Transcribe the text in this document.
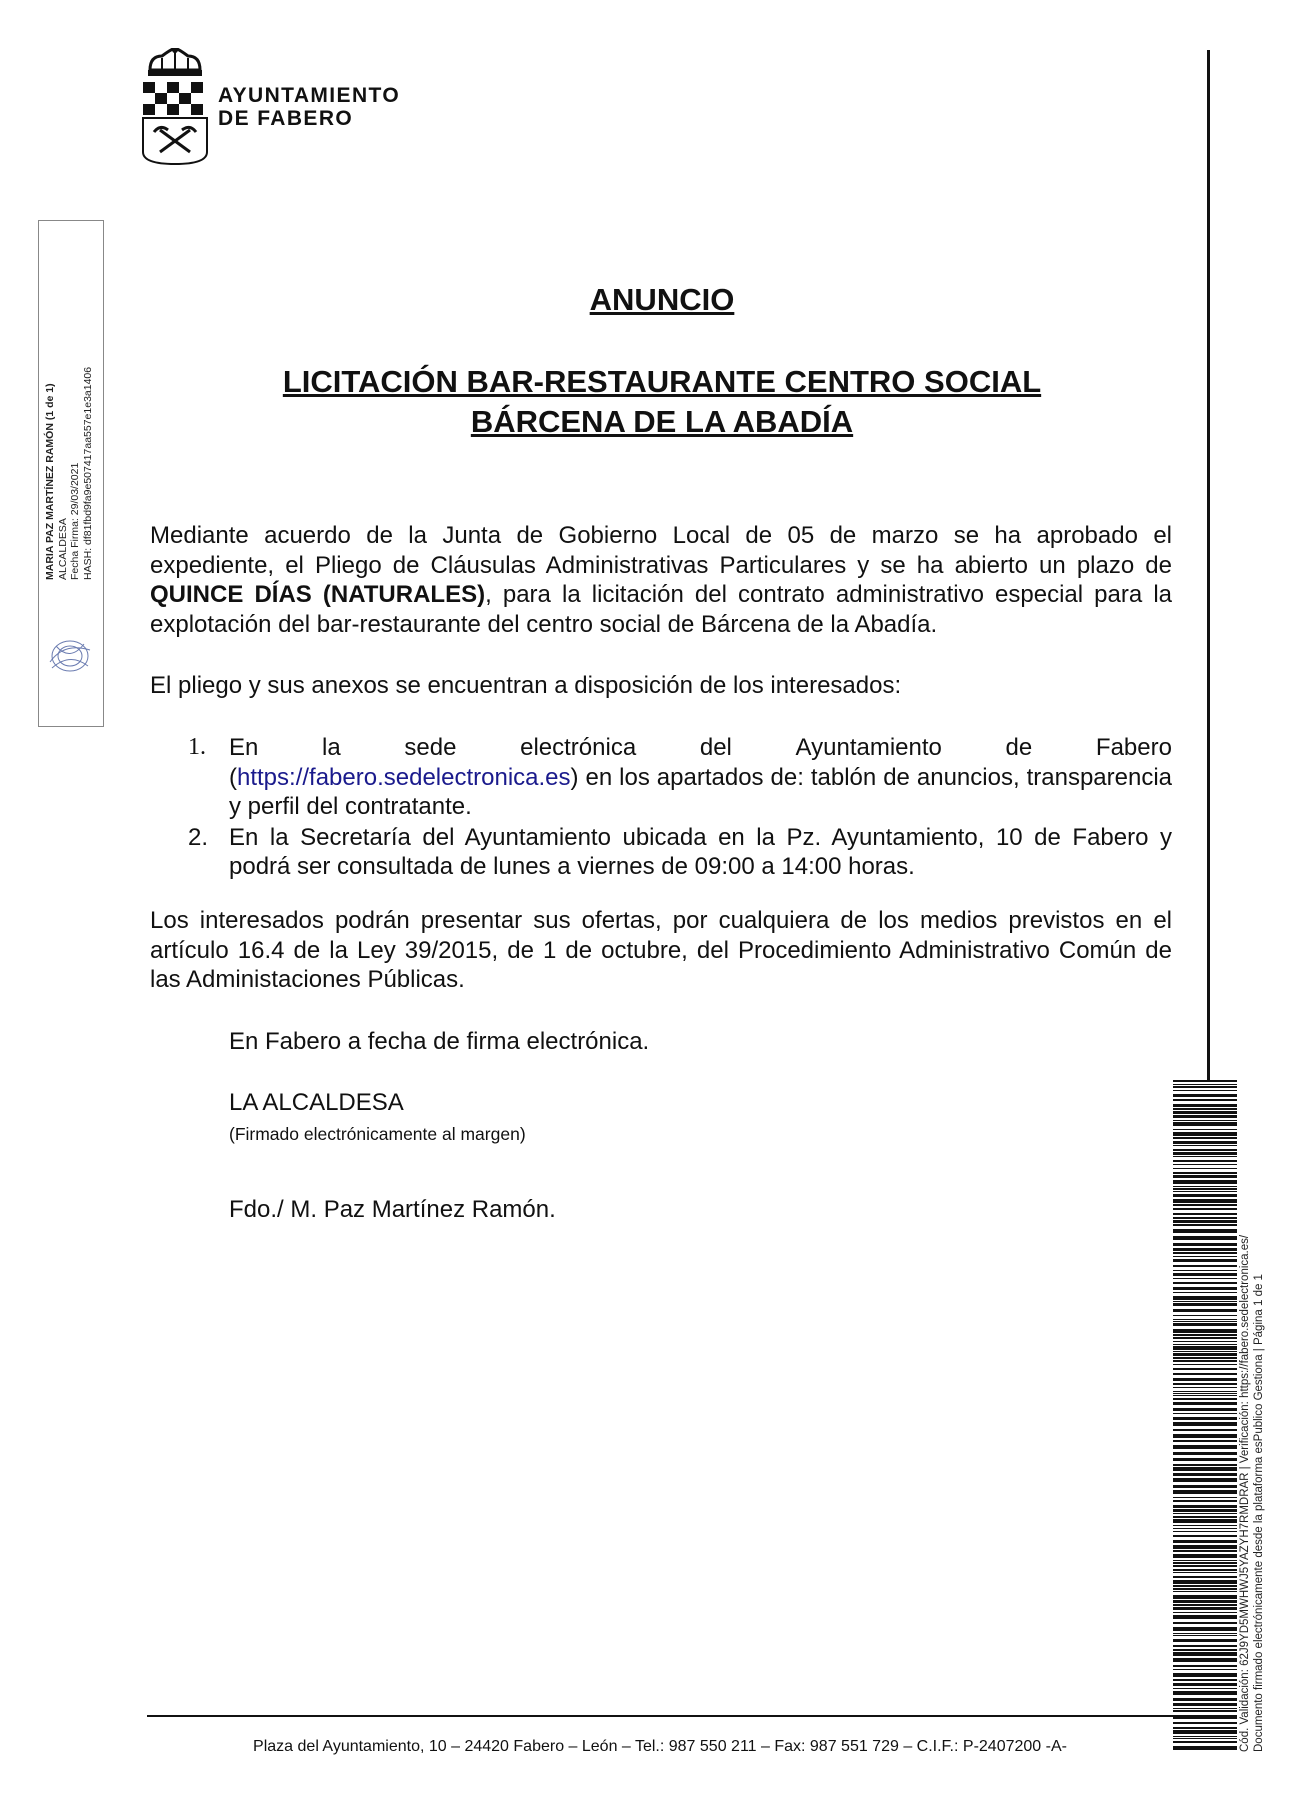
AYUNTAMIENTO
DE FABERO
MARIA PAZ MARTÍNEZ RAMÓN (1 de 1) ALCALDESA Fecha Firma: 29/03/2021 HASH: df81fbd9fa9e507417aa557e1e3a1406
Cód. Validación: 62J9YD5MWHWJ5YAZYH7RMDRAR | Verificación: https://fabero.sedelectronica.es/ Documento firmado electrónicamente desde la plataforma esPublico Gestiona | Página 1 de 1
ANUNCIO
LICITACIÓN BAR-RESTAURANTE CENTRO SOCIAL
BÁRCENA DE LA ABADÍA
Mediante acuerdo de la Junta de Gobierno Local de 05 de marzo se ha aprobado el expediente, el Pliego de Cláusulas Administrativas Particulares y se ha abierto un plazo de QUINCE DÍAS (NATURALES), para la licitación del contrato administrativo especial para la explotación del bar-restaurante del centro social de Bárcena de la Abadía.
El pliego y sus anexos se encuentran a disposición de los interesados:
1. En	la	sede	electrónica	del	Ayuntamiento	de	Fabero
(https://fabero.sedelectronica.es) en los apartados de: tablón de anuncios, transparencia y perfil del contratante.
2. En la Secretaría del Ayuntamiento ubicada en la Pz. Ayuntamiento, 10 de Fabero y podrá ser consultada de lunes a viernes de 09:00 a 14:00 horas.
Los interesados podrán presentar sus ofertas, por cualquiera de los medios previstos en el artículo 16.4 de la Ley 39/2015, de 1 de octubre, del Procedimiento Administrativo Común de las Administaciones Públicas.
En Fabero a fecha de firma electrónica.
LA ALCALDESA
(Firmado electrónicamente al margen)
Fdo./ M. Paz Martínez Ramón.
Plaza del Ayuntamiento, 10 – 24420 Fabero – León – Tel.: 987 550 211 – Fax: 987 551 729 – C.I.F.: P-2407200 -A-
